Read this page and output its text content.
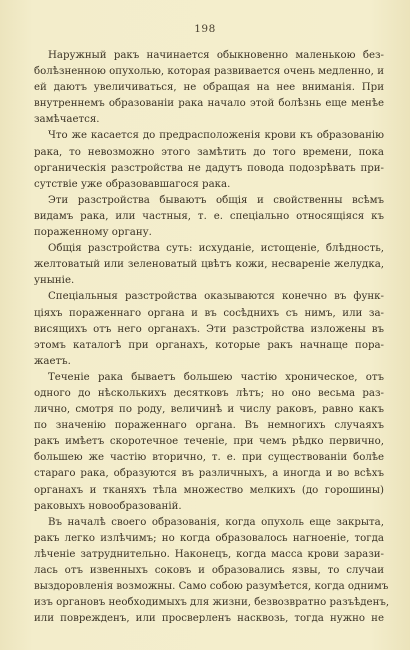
198

Наружный ракъ начинается обыкновенно маленькою без-
болѣзненною опухолью, которая развивается очень медленно, и
ей даютъ увеличиваться, не обращая на нее вниманія. При
внутреннемъ образованіи рака начало этой болѣзнь еще менѣе
замѣчается.

Что же касается до предрасположенія крови къ образованію
рака, то невозможно этого замѣтить до того времени, пока
органическія разстройства не дадутъ повода подозрѣвать при-
сутствіе уже образовавшагося рака.

Эти разстройства бываютъ общія и свойственны всѣмъ
видамъ рака, или частныя, т. е. спеціально относящіяся къ
пораженному органу.

Общія разстройства суть: исхуданіе, истощеніе, блѣдность,
желтоватый или зеленоватый цвѣтъ кожи, несвареніе желудка,
уныніе.

Спеціальныя разстройства оказываются конечно въ функ-
ціяхъ пораженнаго органа и въ сосѣднихъ съ нимъ, или за-
висящихъ отъ него органахъ. Эти разстройства изложены въ
этомъ каталогѣ при органахъ, которые ракъ начнаще пора-
жаетъ.

Теченіе рака бываетъ большею частію хроническое, отъ
одного до нѣсколькихъ десятковъ лѣтъ; но оно весьма раз-
лично, смотря по роду, величинѣ и числу раковъ, равно какъ
по значенію пораженнаго органа. Въ немногихъ случаяхъ
ракъ имѣетъ скоротечное теченіе, при чемъ рѣдко первично,
большею же частію вторично, т. е. при существованіи болѣе
стараго рака, образуются въ различныхъ, а иногда и во всѣхъ
органахъ и тканяхъ тѣла множество мелкихъ (до горошины)
раковыхъ новообразованій.

Въ началѣ своего образованія, когда опухоль еще закрыта,
ракъ легко излѣчимъ; но когда образовалось нагноеніе, тогда
лѣченіе затруднительно. Наконецъ, когда масса крови зарази-
лась отъ извенныхъ соковъ и образовались язвы, то случаи
выздоровленія возможны. Само собою разумѣется, когда однимъ
изъ органовъ необходимыхъ для жизни, безвозвратно разъѣденъ,
или поврежденъ, или просверленъ насквозь, тогда нужно не
